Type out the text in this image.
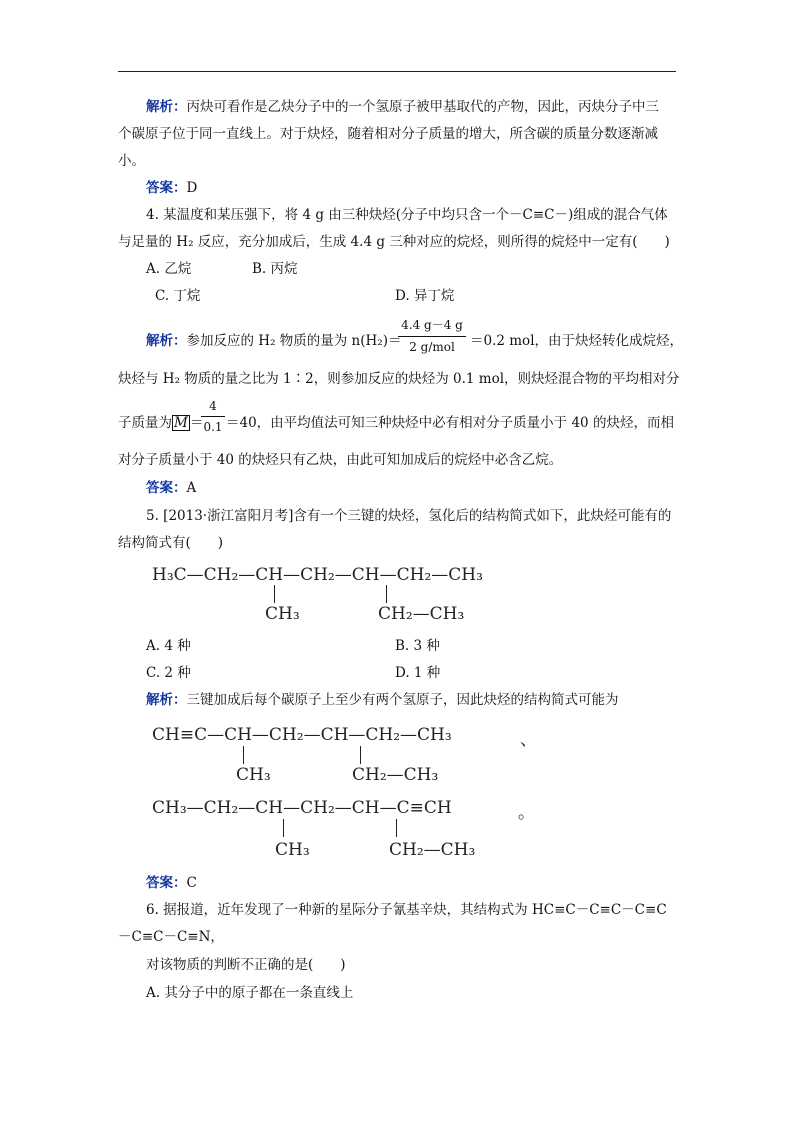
解析：丙炔可看作是乙炔分子中的一个氢原子被甲基取代的产物，因此，丙炔分子中三
个碳原子位于同一直线上。对于炔烃，随着相对分子质量的增大，所含碳的质量分数逐渐减
小。
答案：D
4. 某温度和某压强下，将 4 g 由三种炔烃(分子中均只含一个－C≡C－)组成的混合气体
与足量的 H₂ 反应，充分加成后，生成 4.4 g 三种对应的烷烃，则所得的烷烃中一定有(　　)
A. 乙烷	B. 丙烷
C. 丁烷	D. 异丁烷
解析：参加反应的 H₂ 物质的量为 n(H₂)＝
4.4 g－4 g
2 g/mol	＝0.2 mol，由于炔烃转化成烷烃，
炔烃与 H₂ 物质的量之比为 1∶2，则参加反应的炔烃为 0.1 mol，则炔烃混合物的平均相对分
子质量为 M ＝
4
0.1 ＝40，由平均值法可知三种炔烃中必有相对分子质量小于 40 的炔烃，而相
对分子质量小于 40 的炔烃只有乙炔，由此可知加成后的烷烃中必含乙烷。
答案：A
5. [2013·浙江富阳月考]含有一个三键的炔烃，氢化后的结构简式如下，此炔烃可能有的
结构简式有(　　)
H₃C—CH₂—CH—CH₂—CH—CH₂—CH₃
CH₃	CH₂—CH₃
A. 4 种	B. 3 种
C. 2 种	D. 1 种
解析：三键加成后每个碳原子上至少有两个氢原子，因此炔烃的结构简式可能为
CH≡C—CH—CH₂—CH—CH₂—CH₃	、
CH₃	CH₂—CH₃
CH₃—CH₂—CH—CH₂—CH—C≡CH	。
CH₃	CH₂—CH₃
答案：C
6. 据报道，近年发现了一种新的星际分子氰基辛炔，其结构式为 HC≡C－C≡C－C≡C
－C≡C－C≡N，
对该物质的判断不正确的是(　　)
A. 其分子中的原子都在一条直线上
